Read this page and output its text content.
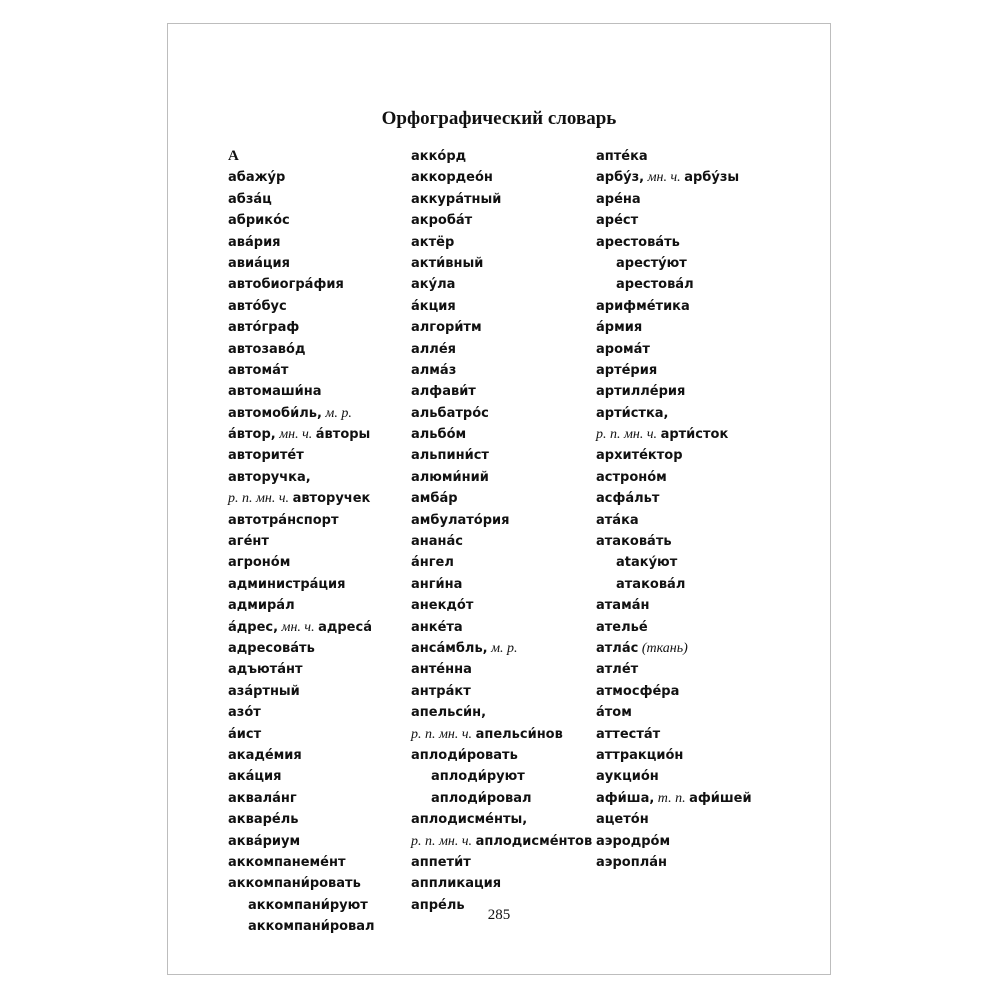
Орфографический словарь
А
абажу́р
абза́ц
абрико́с
ава́рия
авиа́ция
автобиогра́фия
авто́бус
авто́граф
автозаво́д
автома́т
автомаши́на
автомоби́ль, м. р.
а́втор, мн. ч. а́вторы
авторите́т
авторучка,
р. п. мн. ч. авторучек
автотра́нспорт
аге́нт
агроно́м
администра́ция
адмира́л
а́дрес, мн. ч. адреса́
адресова́ть
адъюта́нт
аза́ртный
азо́т
а́ист
акаде́мия
ака́ция
аквала́нг
акваре́ль
аква́риум
аккомпанеме́нт
аккомпани́ровать
аккомпани́руют
аккомпани́ровал
акко́рд
аккордео́н
аккура́тный
акроба́т
актёр
акти́вный
аку́ла
а́кция
алгори́тм
алле́я
алма́з
алфави́т
альбатро́с
альбо́м
альпини́ст
алюми́ний
амба́р
амбулато́рия
анана́с
а́нгел
анги́на
анекдо́т
анке́та
анса́мбль, м. р.
анте́нна
антра́кт
апельси́н,
р. п. мн. ч. апельси́нов
аплоди́ровать
аплоди́руют
аплоди́ровал
аплодисме́нты,
р. п. мн. ч. аплодисме́нтов
аппети́т
аппликация
апре́ль
апте́ка
арбу́з, мн. ч. арбу́зы
аре́на
аре́ст
арестова́ть
аресту́ют
арестова́л
арифме́тика
а́рмия
арома́т
арте́рия
артилле́рия
арти́стка,
р. п. мн. ч. арти́сток
архите́ктор
астроно́м
асфа́льт
ата́ка
атакова́ть
ataкýют
атакова́л
атама́н
ателье́
атла́с (ткань)
атле́т
атмосфе́ра
а́том
аттеста́т
аттракцио́н
аукцио́н
афи́ша, т. п. афи́шей
ацето́н
аэродро́м
аэропла́н
285
